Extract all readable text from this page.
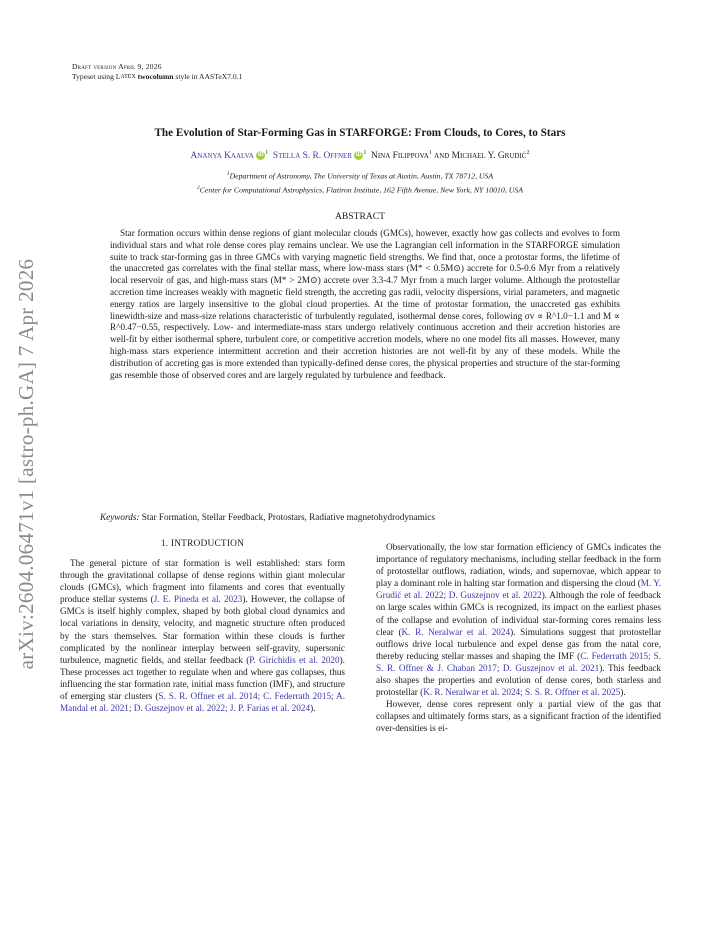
Draft version April 9, 2026
Typeset using LATEX twocolumn style in AASTeX7.0.1
arXiv:2604.06471v1 [astro-ph.GA] 7 Apr 2026
The Evolution of Star-Forming Gas in STARFORGE: From Clouds, to Cores, to Stars
Ananya Kaalva iD $^1$ Stella S. R. Offner iD $^1$ Nina Filippova$^1$ and Michael Y. Grudić$^2$
$^1$Department of Astronomy, The University of Texas at Austin, Austin, TX 78712, USA
$^2$Center for Computational Astrophysics, Flatiron Institute, 162 Fifth Avenue, New York, NY 10010, USA
ABSTRACT
Star formation occurs within dense regions of giant molecular clouds (GMCs), however, exactly how gas collects and evolves to form individual stars and what role dense cores play remains unclear. We use the Lagrangian cell information in the STARFORGE simulation suite to track star-forming gas in three GMCs with varying magnetic field strengths. We find that, once a protostar forms, the lifetime of the unaccreted gas correlates with the final stellar mass, where low-mass stars (M* < 0.5M⊙) accrete for 0.5-0.6 Myr from a relatively local reservoir of gas, and high-mass stars (M* > 2M⊙) accrete over 3.3-4.7 Myr from a much larger volume. Although the protostellar accretion time increases weakly with magnetic field strength, the accreting gas radii, velocity dispersions, virial parameters, and magnetic energy ratios are largely insensitive to the global cloud properties. At the time of protostar formation, the unaccreted gas exhibits linewidth-size and mass-size relations characteristic of turbulently regulated, isothermal dense cores, following σv ∝ R^1.0−1.1 and M ∝ R^0.47−0.55, respectively. Low- and intermediate-mass stars undergo relatively continuous accretion and their accretion histories are well-fit by either isothermal sphere, turbulent core, or competitive accretion models, where no one model fits all masses. However, many high-mass stars experience intermittent accretion and their accretion histories are not well-fit by any of these models. While the distribution of accreting gas is more extended than typically-defined dense cores, the physical properties and structure of the star-forming gas resemble those of observed cores and are largely regulated by turbulence and feedback.
Keywords: Star Formation, Stellar Feedback, Protostars, Radiative magnetohydrodynamics
1. INTRODUCTION

The general picture of star formation is well established: stars form through the gravitational collapse of dense regions within giant molecular clouds (GMCs), which fragment into filaments and cores that eventually produce stellar systems (J. E. Pineda et al. 2023). However, the collapse of GMCs is itself highly complex, shaped by both global cloud dynamics and local variations in density, velocity, and magnetic structure often produced by the stars themselves. Star formation within these clouds is further complicated by the nonlinear interplay between self-gravity, supersonic turbulence, magnetic fields, and stellar feedback (P. Girichidis et al. 2020). These processes act together to regulate when and where gas collapses, thus influencing the star formation rate, initial mass function (IMF), and structure of emerging star clusters (S. S. R. Offner et al. 2014; C. Federrath 2015; A. Mandal et al. 2021; D. Guszejnov et al. 2022; J. P. Farias et al. 2024).

Observationally, the low star formation efficiency of GMCs indicates the importance of regulatory mechanisms, including stellar feedback in the form of protostellar outflows, radiation, winds, and supernovae, which appear to play a dominant role in halting star formation and dispersing the cloud (M. Y. Grudić et al. 2022; D. Guszejnov et al. 2022). Although the role of feedback on large scales within GMCs is recognized, its impact on the earliest phases of the collapse and evolution of individual star-forming cores remains less clear (K. R. Neralwar et al. 2024). Simulations suggest that protostellar outflows drive local turbulence and expel dense gas from the natal core, thereby reducing stellar masses and shaping the IMF (C. Federrath 2015; S. S. R. Offner & J. Chaban 2017; D. Guszejnov et al. 2021). This feedback also shapes the properties and evolution of dense cores, both starless and protostellar (K. R. Neralwar et al. 2024; S. S. R. Offner et al. 2025).

However, dense cores represent only a partial view of the gas that collapses and ultimately forms stars, as a significant fraction of the identified over-densities is ei-
